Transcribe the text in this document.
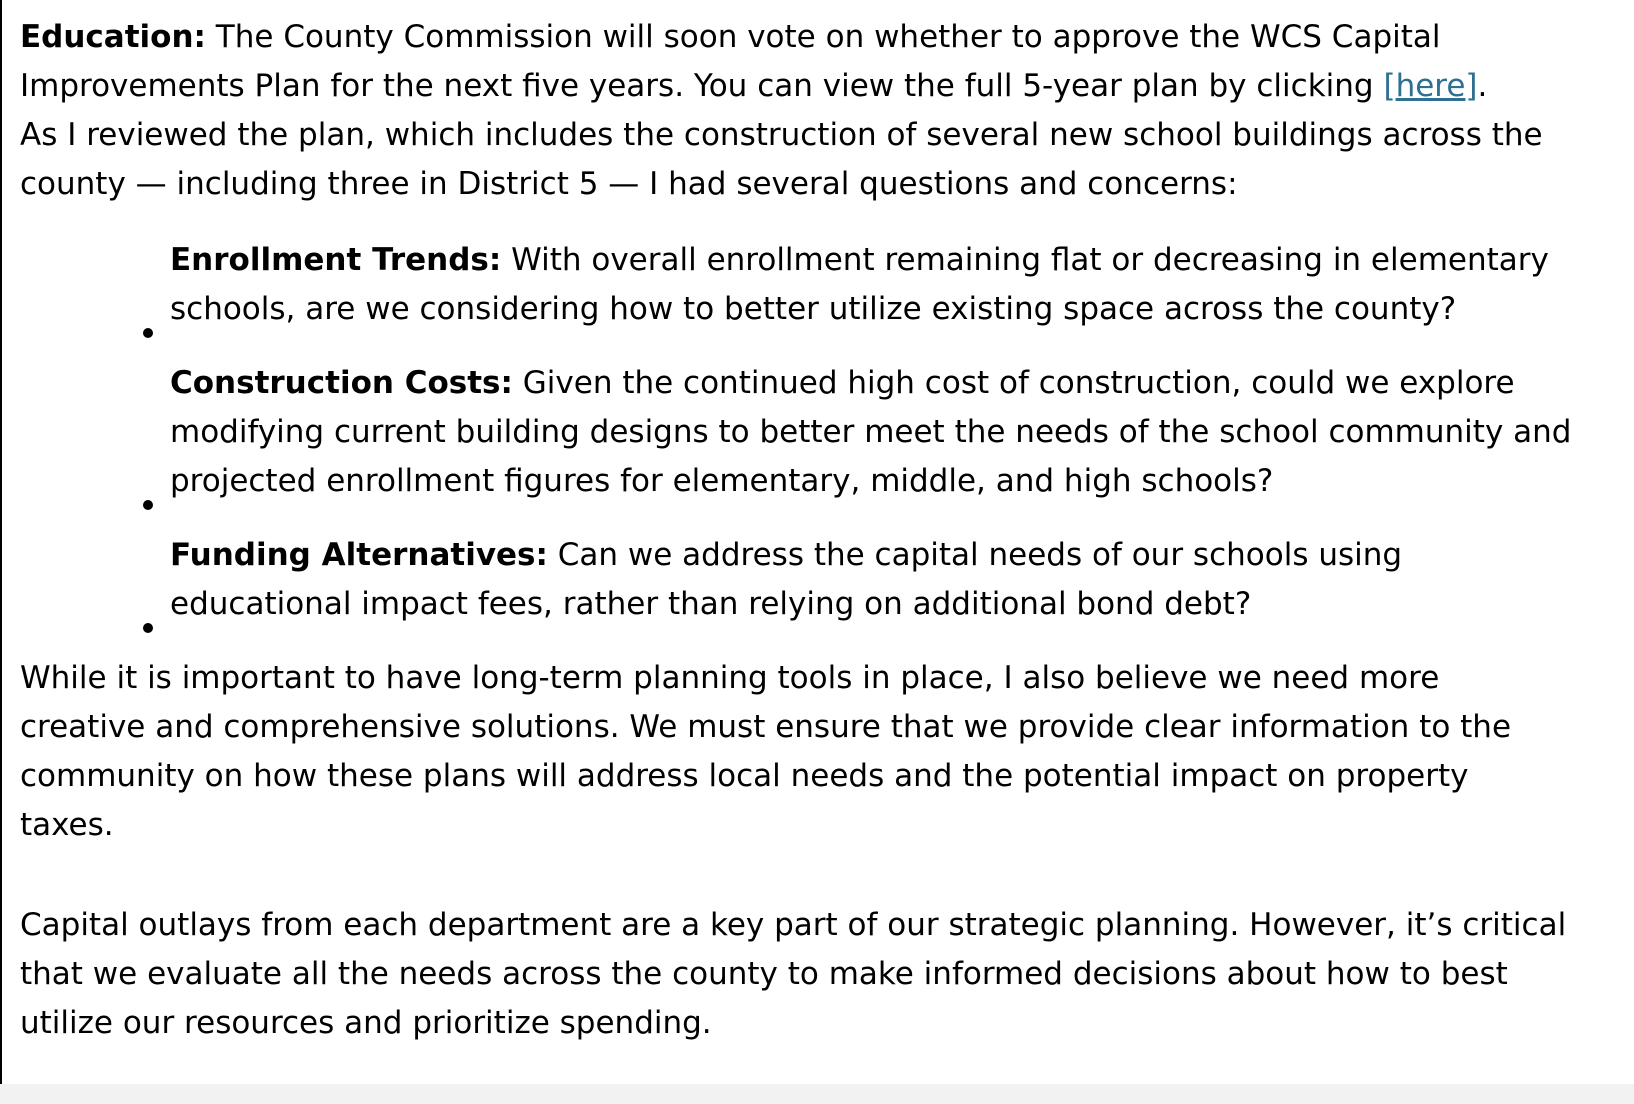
Education: The County Commission will soon vote on whether to approve the WCS Capital
Improvements Plan for the next five years. You can view the full 5-year plan by clicking [here].
As I reviewed the plan, which includes the construction of several new school buildings across the
county — including three in District 5 — I had several questions and concerns:

Enrollment Trends: With overall enrollment remaining flat or decreasing in elementary
schools, are we considering how to better utilize existing space across the county?
Construction Costs: Given the continued high cost of construction, could we explore
modifying current building designs to better meet the needs of the school community and
projected enrollment figures for elementary, middle, and high schools?
Funding Alternatives: Can we address the capital needs of our schools using
educational impact fees, rather than relying on additional bond debt?

While it is important to have long-term planning tools in place, I also believe we need more
creative and comprehensive solutions. We must ensure that we provide clear information to the
community on how these plans will address local needs and the potential impact on property
taxes.

Capital outlays from each department are a key part of our strategic planning. However, it’s critical
that we evaluate all the needs across the county to make informed decisions about how to best
utilize our resources and prioritize spending.
